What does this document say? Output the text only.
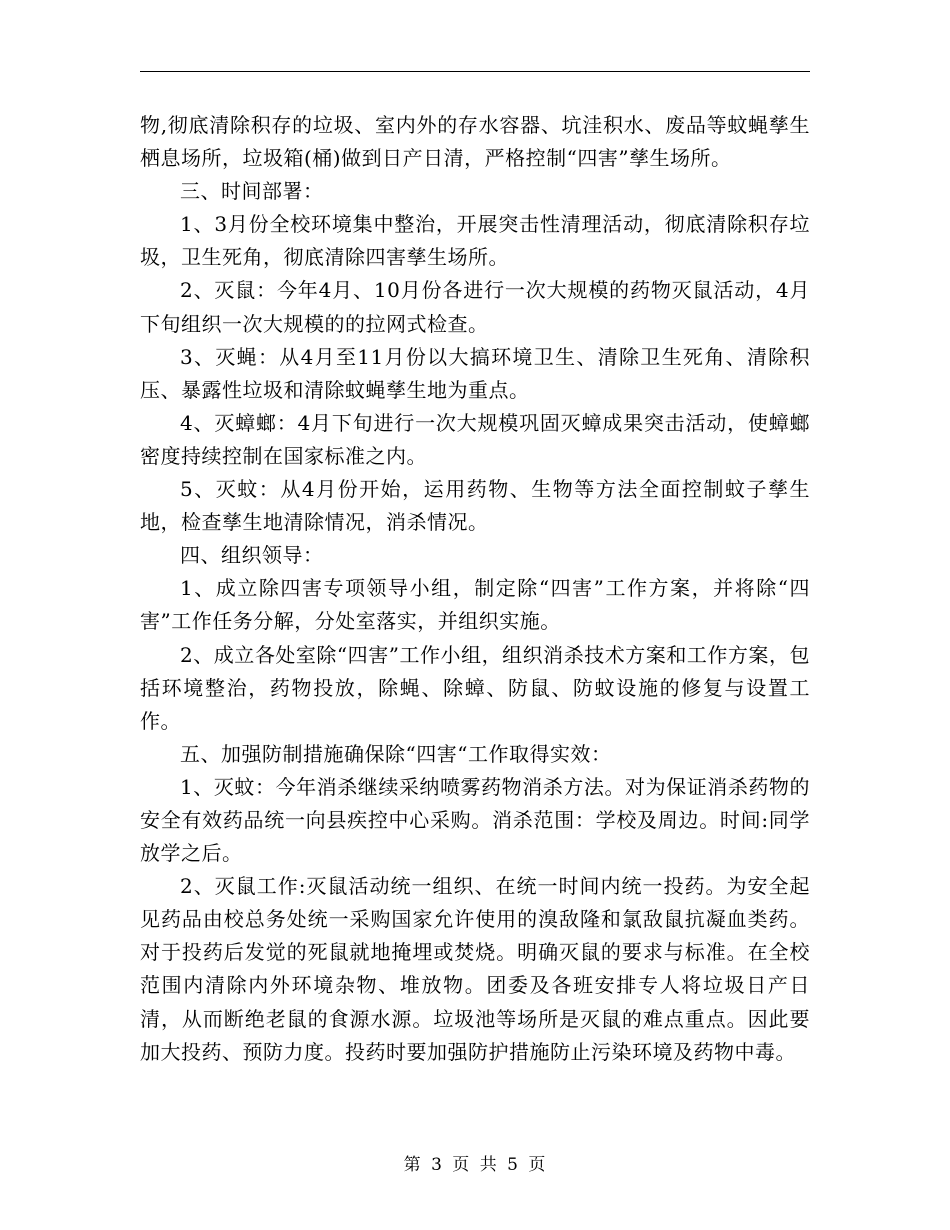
物,彻底清除积存的垃圾、室内外的存水容器、坑洼积水、废品等蚊蝇孳生栖息场所，垃圾箱(桶)做到日产日清，严格控制“四害”孳生场所。

三、时间部署：

1、3月份全校环境集中整治，开展突击性清理活动，彻底清除积存垃圾，卫生死角，彻底清除四害孳生场所。

2、灭鼠：今年4月、10月份各进行一次大规模的药物灭鼠活动，4月下旬组织一次大规模的的拉网式检查。

3、灭蝇：从4月至11月份以大搞环境卫生、清除卫生死角、清除积压、暴露性垃圾和清除蚊蝇孳生地为重点。

4、灭蟑螂：4月下旬进行一次大规模巩固灭蟑成果突击活动，使蟑螂密度持续控制在国家标准之内。

5、灭蚊：从4月份开始，运用药物、生物等方法全面控制蚊子孳生地，检查孳生地清除情况，消杀情况。

四、组织领导：

1、成立除四害专项领导小组，制定除“四害”工作方案，并将除“四害”工作任务分解，分处室落实，并组织实施。

2、成立各处室除“四害”工作小组，组织消杀技术方案和工作方案，包括环境整治，药物投放，除蝇、除蟑、防鼠、防蚊设施的修复与设置工作。

五、加强防制措施确保除“四害“工作取得实效：

1、灭蚊：今年消杀继续采纳喷雾药物消杀方法。对为保证消杀药物的安全有效药品统一向县疾控中心采购。消杀范围：学校及周边。时间:同学放学之后。

2、灭鼠工作:灭鼠活动统一组织、在统一时间内统一投药。为安全起见药品由校总务处统一采购国家允许使用的溴敌隆和氯敌鼠抗凝血类药。对于投药后发觉的死鼠就地掩埋或焚烧。明确灭鼠的要求与标准。在全校范围内清除内外环境杂物、堆放物。团委及各班安排专人将垃圾日产日清，从而断绝老鼠的食源水源。垃圾池等场所是灭鼠的难点重点。因此要加大投药、预防力度。投药时要加强防护措施防止污染环境及药物中毒。

第 3 页 共 5 页
